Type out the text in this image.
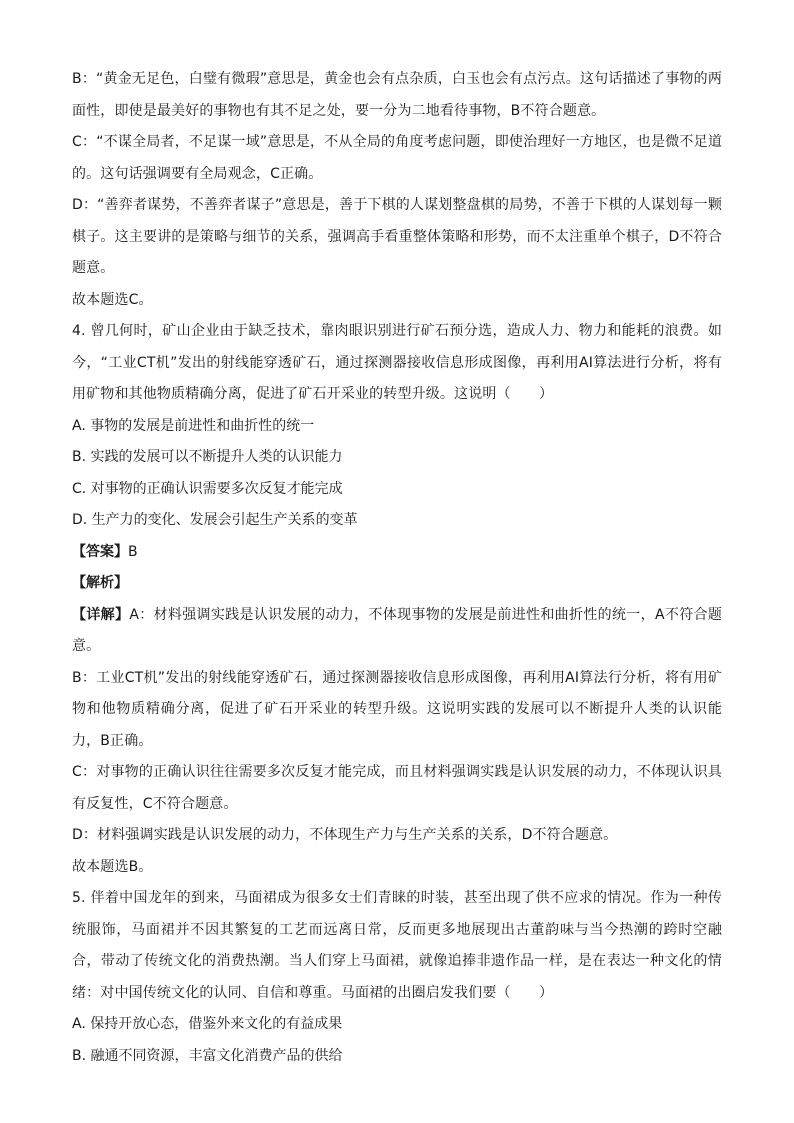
B：“黄金无足色，白璧有微瑕”意思是，黄金也会有点杂质，白玉也会有点污点。这句话描述了事物的两面性，即使是最美好的事物也有其不足之处，要一分为二地看待事物，B不符合题意。

C：“不谋全局者，不足谋一域”意思是，不从全局的角度考虑问题，即使治理好一方地区，也是微不足道的。这句话强调要有全局观念，C正确。

D：“善弈者谋势，不善弈者谋子”意思是，善于下棋的人谋划整盘棋的局势，不善于下棋的人谋划每一颗棋子。这主要讲的是策略与细节的关系，强调高手看重整体策略和形势，而不太注重单个棋子，D不符合题意。

故本题选C。

4. 曾几何时，矿山企业由于缺乏技术，靠肉眼识别进行矿石预分选，造成人力、物力和能耗的浪费。如今，“工业CT机”发出的射线能穿透矿石，通过探测器接收信息形成图像，再利用AI算法进行分析，将有用矿物和其他物质精确分离，促进了矿石开采业的转型升级。这说明（　　）

A. 事物的发展是前进性和曲折性的统一

B. 实践的发展可以不断提升人类的认识能力

C. 对事物的正确认识需要多次反复才能完成

D. 生产力的变化、发展会引起生产关系的变革

【答案】B

【解析】

【详解】A：材料强调实践是认识发展的动力，不体现事物的发展是前进性和曲折性的统一，A不符合题意。

B：工业CT机”发出的射线能穿透矿石，通过探测器接收信息形成图像，再利用AI算法行分析，将有用矿物和他物质精确分离，促进了矿石开采业的转型升级。这说明实践的发展可以不断提升人类的认识能力，B正确。

C：对事物的正确认识往往需要多次反复才能完成，而且材料强调实践是认识发展的动力，不体现认识具有反复性，C不符合题意。

D：材料强调实践是认识发展的动力，不体现生产力与生产关系的关系，D不符合题意。

故本题选B。

5. 伴着中国龙年的到来，马面裙成为很多女士们青睐的时装，甚至出现了供不应求的情况。作为一种传统服饰，马面裙并不因其繁复的工艺而远离日常，反而更多地展现出古董韵味与当今热潮的跨时空融合，带动了传统文化的消费热潮。当人们穿上马面裙，就像追捧非遗作品一样，是在表达一种文化的情绪：对中国传统文化的认同、自信和尊重。马面裙的出圈启发我们要（　　）

A. 保持开放心态，借鉴外来文化的有益成果

B. 融通不同资源，丰富文化消费产品的供给
